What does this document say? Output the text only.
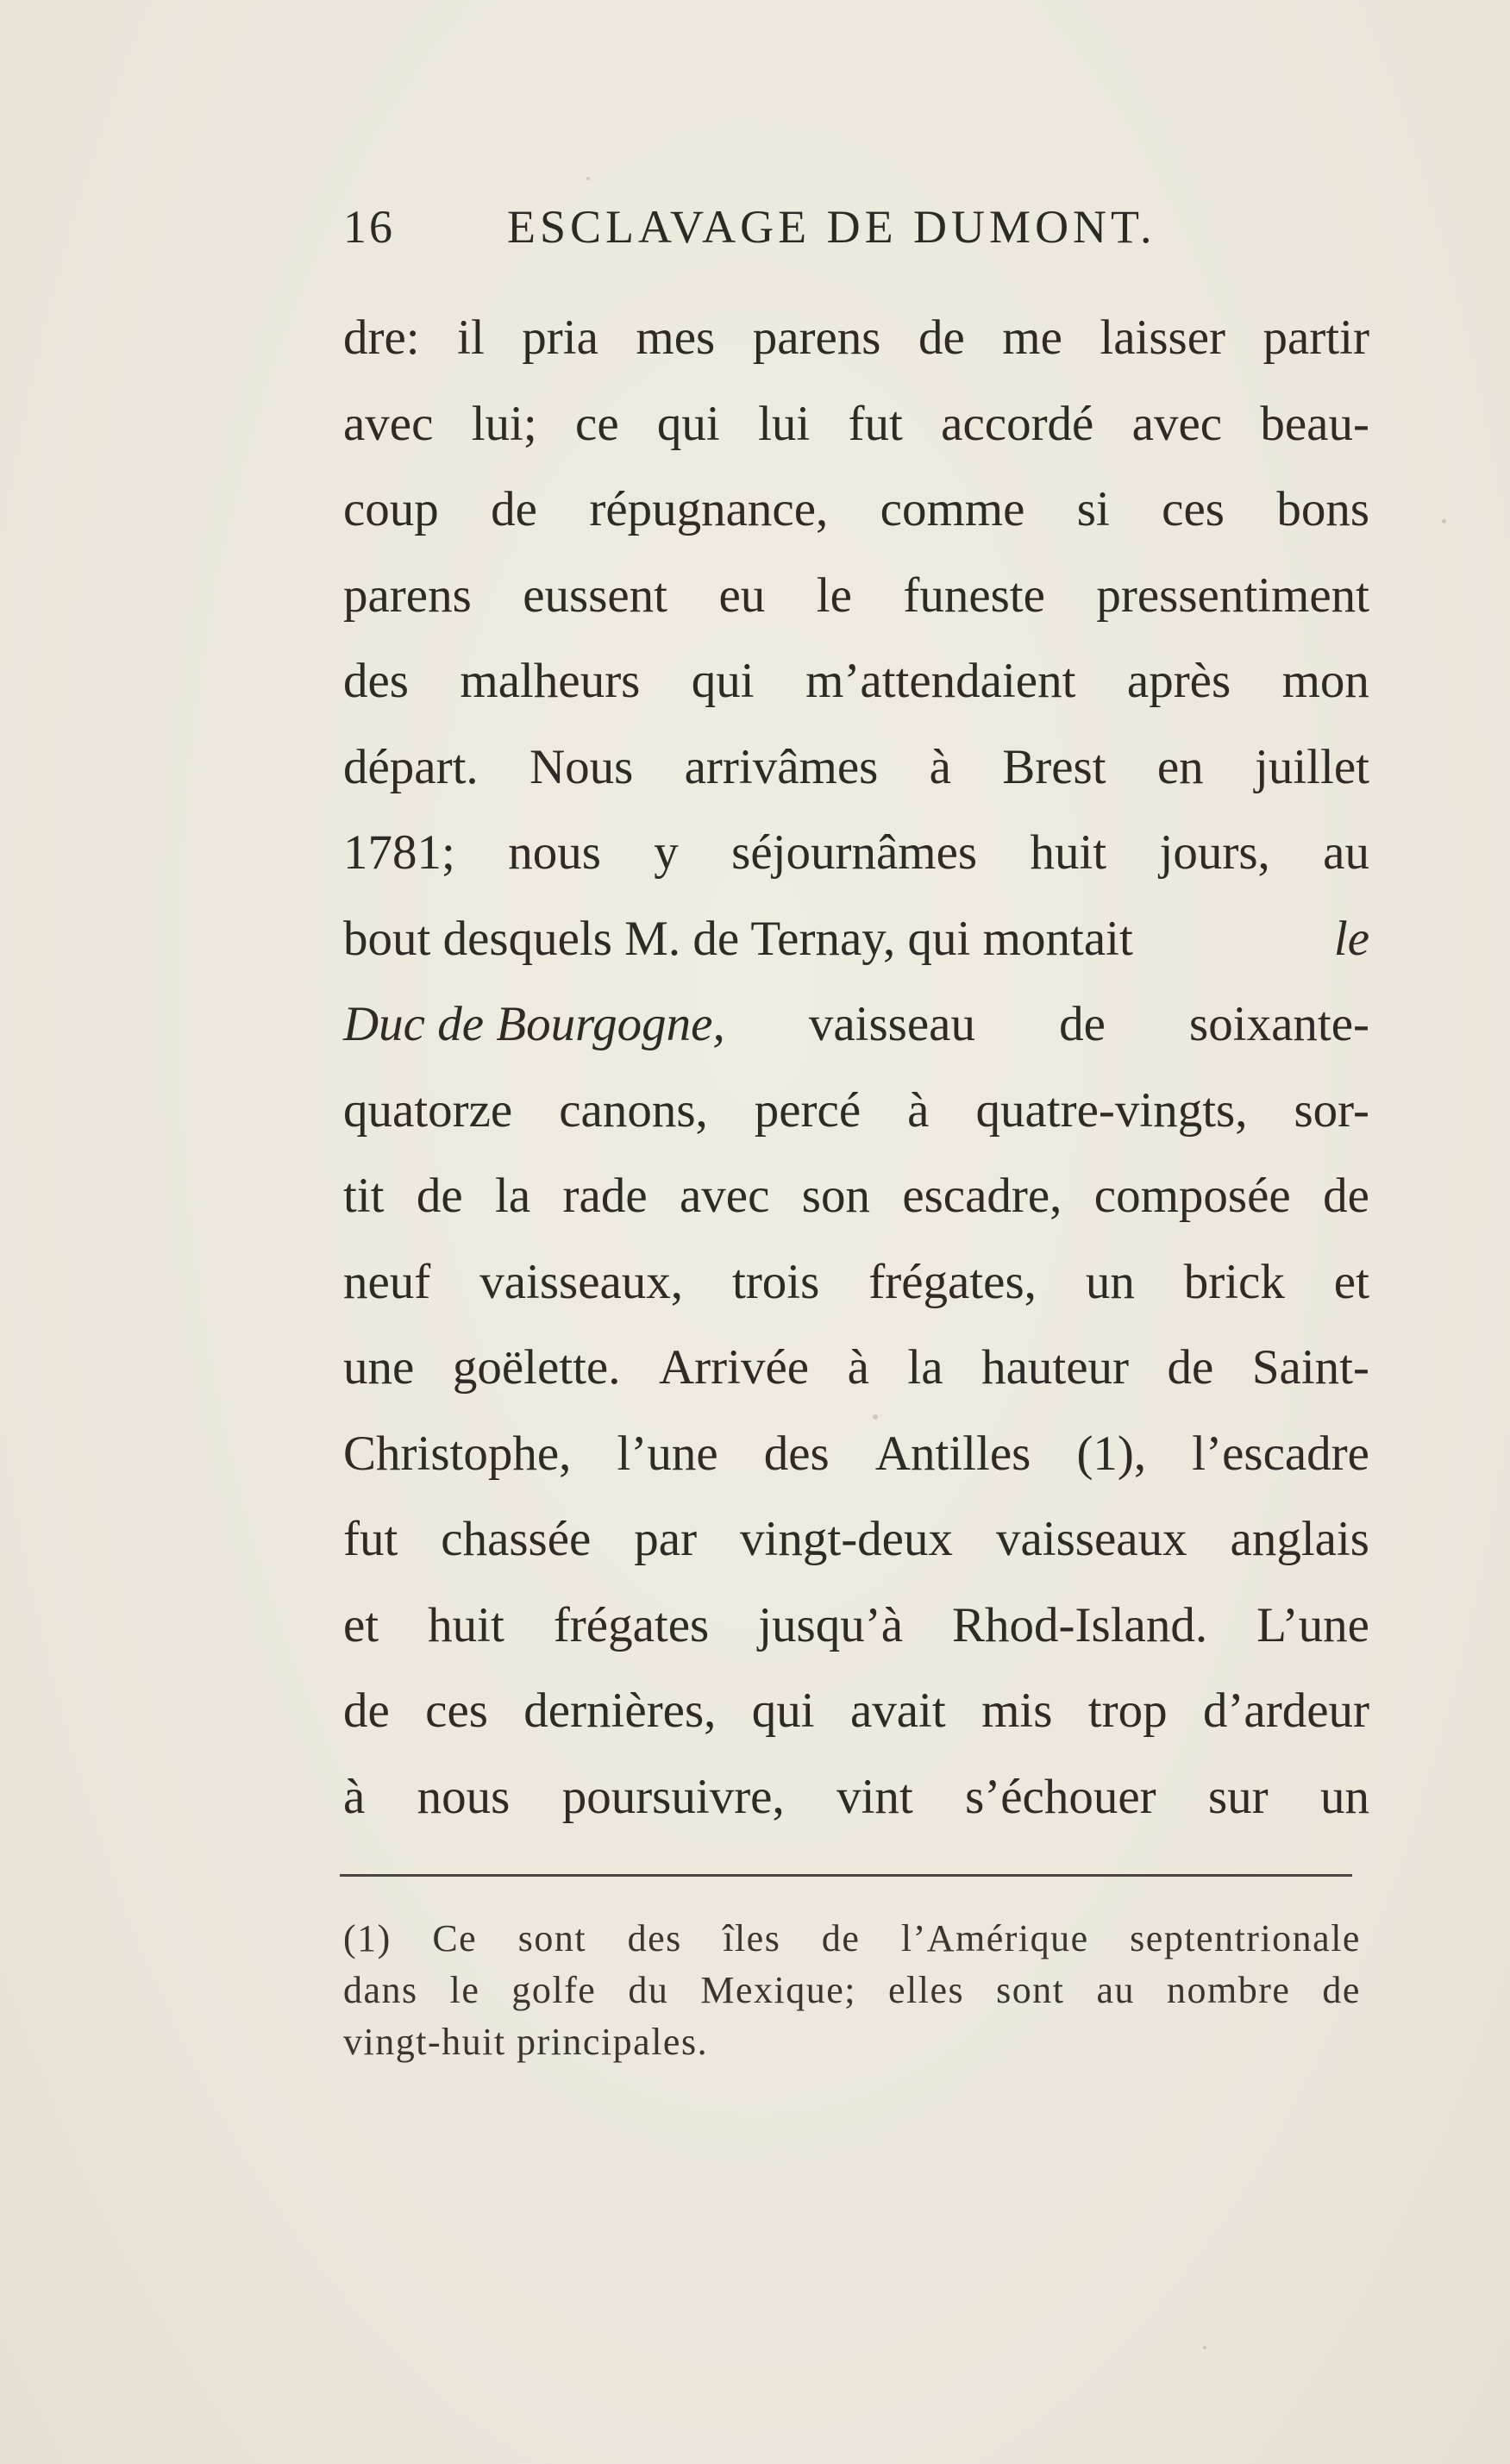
16 ESCLAVAGE DE DUMONT.
dre: il pria mes parens de me laisser partir
avec lui; ce qui lui fut accordé avec beau-
coup de répugnance, comme si ces bons
parens eussent eu le funeste pressentiment
des malheurs qui m’attendaient après mon
départ. Nous arrivâmes à Brest en juillet
1781; nous y séjournâmes huit jours, au
bout desquels M. de Ternay, qui montait	le
Duc de Bourgogne, vaisseau de soixante-
quatorze canons, percé à quatre-vingts, sor-
tit de la rade avec son escadre, composée de
neuf vaisseaux, trois frégates, un brick et
une goëlette. Arrivée à la hauteur de Saint-
Christophe, l’une des Antilles (1), l’escadre
fut chassée par vingt-deux vaisseaux anglais
et huit frégates jusqu’à Rhod-Island. L’une
de ces dernières, qui avait mis trop d’ardeur
à nous poursuivre, vint s’échouer sur un
(1) Ce sont des îles de l’Amérique septentrionale
dans le golfe du Mexique; elles sont au nombre de
vingt-huit principales.
